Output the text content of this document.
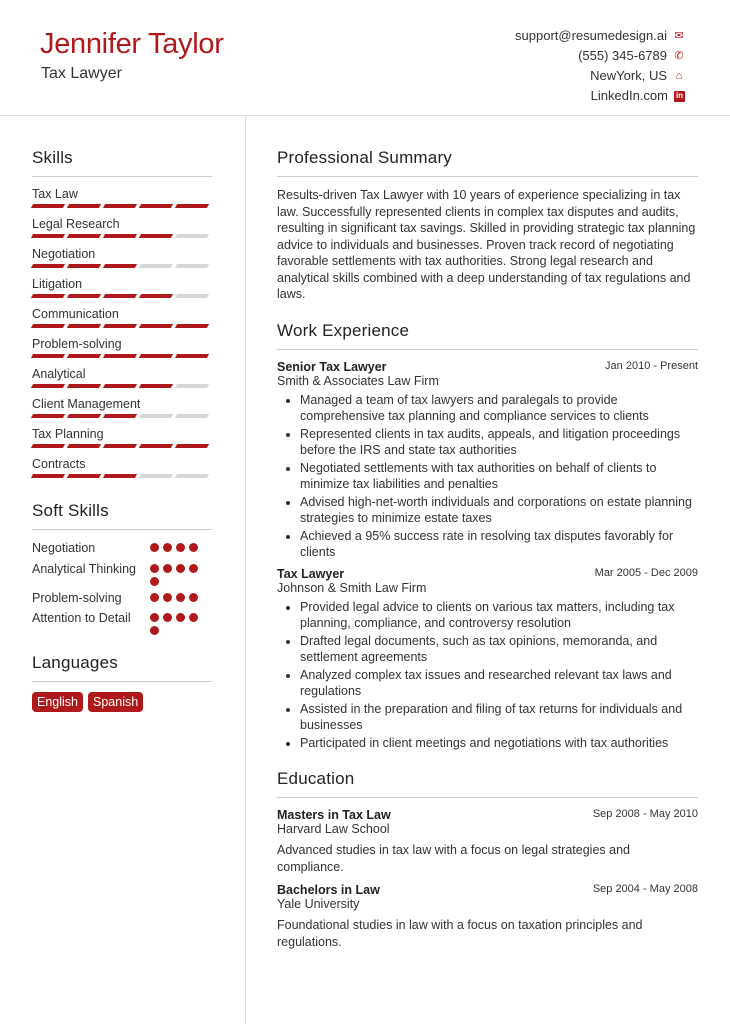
Jennifer Taylor
Tax Lawyer
support@resumedesign.ai ✉
(555) 345-6789 ✆
NewYork, US ⌂
LinkedIn.com in
Skills
Tax Law
Legal Research
Negotiation
Litigation
Communication
Problem-solving
Analytical
Client Management
Tax Planning
Contracts
Soft Skills
Negotiation
Analytical Thinking
Problem-solving
Attention to Detail
Languages
English	Spanish
Professional Summary

Results-driven Tax Lawyer with 10 years of experience specializing in tax law. Successfully represented clients in complex tax disputes and audits, resulting in significant tax savings. Skilled in providing strategic tax planning advice to individuals and businesses. Proven track record of negotiating favorable settlements with tax authorities. Strong legal research and analytical skills combined with a deep understanding of tax regulations and laws.

Work Experience
Senior Tax Lawyer	Jan 2010 - Present
Smith & Associates Law Firm
• Managed a team of tax lawyers and paralegals to provide comprehensive tax planning and compliance services to clients
• Represented clients in tax audits, appeals, and litigation proceedings before the IRS and state tax authorities
• Negotiated settlements with tax authorities on behalf of clients to minimize tax liabilities and penalties
• Advised high-net-worth individuals and corporations on estate planning strategies to minimize estate taxes
• Achieved a 95% success rate in resolving tax disputes favorably for clients
Tax Lawyer	Mar 2005 - Dec 2009
Johnson & Smith Law Firm
• Provided legal advice to clients on various tax matters, including tax planning, compliance, and controversy resolution
• Drafted legal documents, such as tax opinions, memoranda, and settlement agreements
• Analyzed complex tax issues and researched relevant tax laws and regulations
• Assisted in the preparation and filing of tax returns for individuals and businesses
• Participated in client meetings and negotiations with tax authorities
Education
Masters in Tax Law	Sep 2008 - May 2010
Harvard Law School

Advanced studies in tax law with a focus on legal strategies and compliance.

Bachelors in Law	Sep 2004 - May 2008
Yale University

Foundational studies in law with a focus on taxation principles and regulations.
